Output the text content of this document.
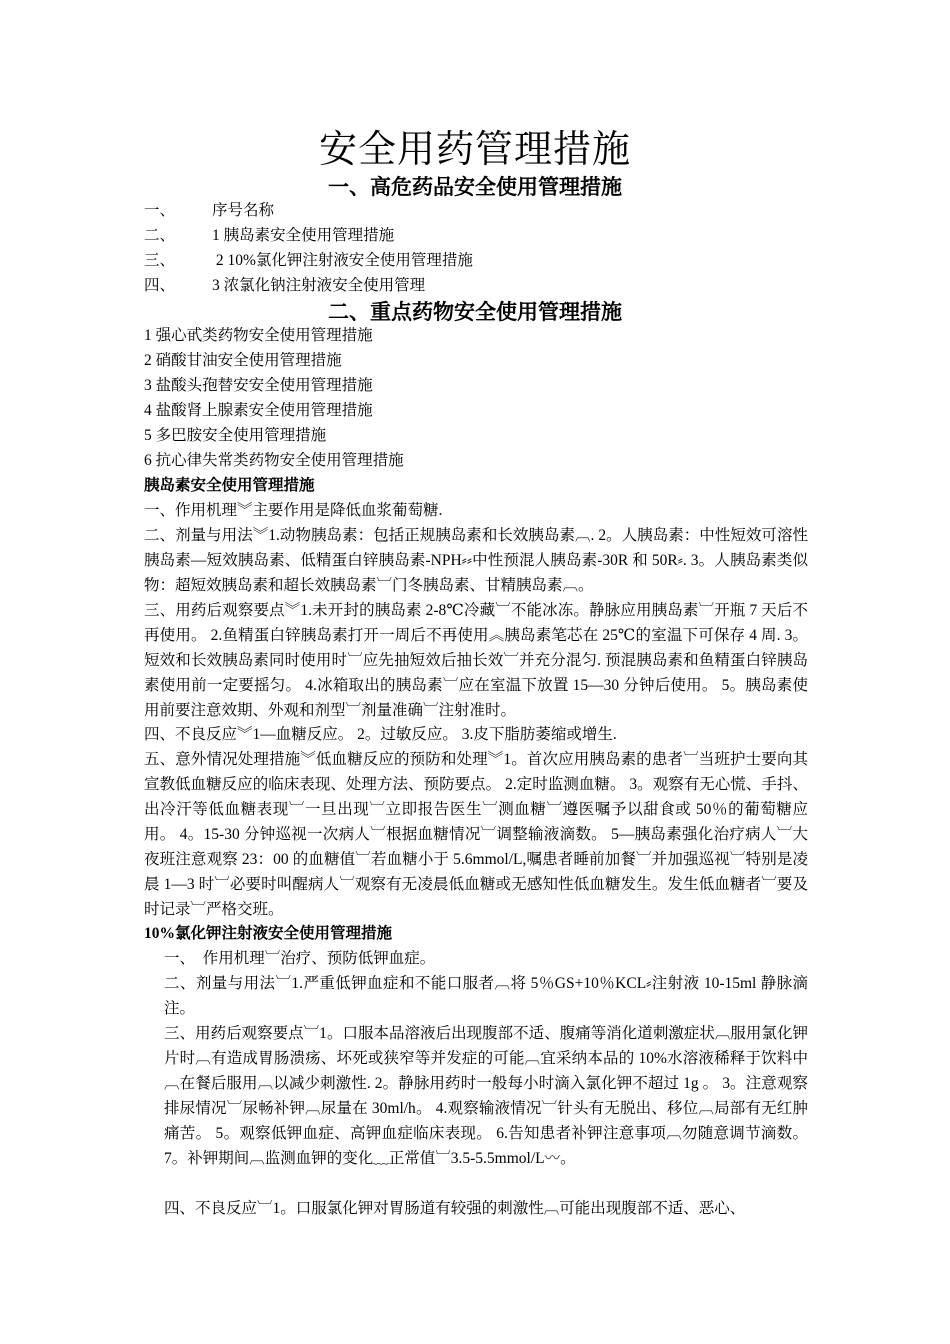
安全用药管理措施
一、高危药品安全使用管理措施
一、 序号名称
二、 1 胰岛素安全使用管理措施
三、 2 10%氯化钾注射液安全使用管理措施
四、 3 浓氯化钠注射液安全使用管理
二、重点药物安全使用管理措施
1 强心甙类药物安全使用管理措施
2 硝酸甘油安全使用管理措施
3 盐酸头孢替安安全使用管理措施
4 盐酸肾上腺素安全使用管理措施
5 多巴胺安全使用管理措施
6 抗心律失常类药物安全使用管理措施
胰岛素安全使用管理措施
一、作用机理︾主要作用是降低血浆葡萄糖.
二、剂量与用法︾1.动物胰岛素：包括正规胰岛素和长效胰岛素︹. 2。人胰岛素：中性短效可溶性胰岛素—短效胰岛素、低精蛋白锌胰岛素-NPH⸗⸗中性预混人胰岛素-30R 和 50R⸗. 3。人胰岛素类似物：超短效胰岛素和超长效胰岛素︺门冬胰岛素、甘精胰岛素︹。
三、用药后观察要点︾1.未开封的胰岛素 2-8℃冷藏︺不能冰冻。静脉应用胰岛素︺开瓶 7 天后不再使用。 2.鱼精蛋白锌胰岛素打开一周后不再使用︽胰岛素笔芯在 25℃的室温下可保存 4 周. 3。短效和长效胰岛素同时使用时︺应先抽短效后抽长效︺并充分混匀. 预混胰岛素和鱼精蛋白锌胰岛素使用前一定要摇匀。 4.冰箱取出的胰岛素︺应在室温下放置 15—30 分钟后使用。 5。胰岛素使用前要注意效期、外观和剂型︺剂量准确︺注射准时。
四、不良反应︾1—血糖反应。 2。过敏反应。 3.皮下脂肪萎缩或增生.
五、意外情况处理措施︾低血糖反应的预防和处理︾1。首次应用胰岛素的患者︺当班护士要向其宣教低血糖反应的临床表现、处理方法、预防要点。 2.定时监测血糖。 3。观察有无心慌、手抖、出冷汗等低血糖表现︺一旦出现︺立即报告医生︺测血糖︺遵医嘱予以甜食或 50％的葡萄糖应用。 4。15-30 分钟巡视一次病人︺根据血糖情况︺调整输液滴数。 5—胰岛素强化治疗病人︺大夜班注意观察 23：00 的血糖值︺若血糖小于 5.6mmol/L,嘱患者睡前加餐︺并加强巡视︺特别是凌晨 1—3 时︺必要时叫醒病人︺观察有无凌晨低血糖或无感知性低血糖发生。发生低血糖者︺要及时记录︺严格交班。
10%氯化钾注射液安全使用管理措施
一、  作用机理︺治疗、预防低钾血症。
二、剂量与用法︺1.严重低钾血症和不能口服者︹将 5％GS+10％KCL⸗注射液 10-15ml 静脉滴注。
三、用药后观察要点︺1。口服本品溶液后出现腹部不适、腹痛等消化道刺激症状︹服用氯化钾片时︹有造成胃肠溃疡、坏死或狭窄等并发症的可能︹宜采纳本品的 10%水溶液稀释于饮料中︹在餐后服用︹以减少刺激性. 2。静脉用药时一般每小时滴入氯化钾不超过 1g 。 3。注意观察排尿情况︺尿畅补钾︹尿量在 30ml/h。 4.观察输液情况︺针头有无脱出、移位︹局部有无红肿痛苦。 5。观察低钾血症、高钾血症临床表现。 6.告知患者补钾注意事项︹勿随意调节滴数。 7。补钾期间︹监测血钾的变化﹏正常值︺3.5-5.5mmol/L〰。
四、不良反应︺1。口服氯化钾对胃肠道有较强的刺激性︹可能出现腹部不适、恶心、
